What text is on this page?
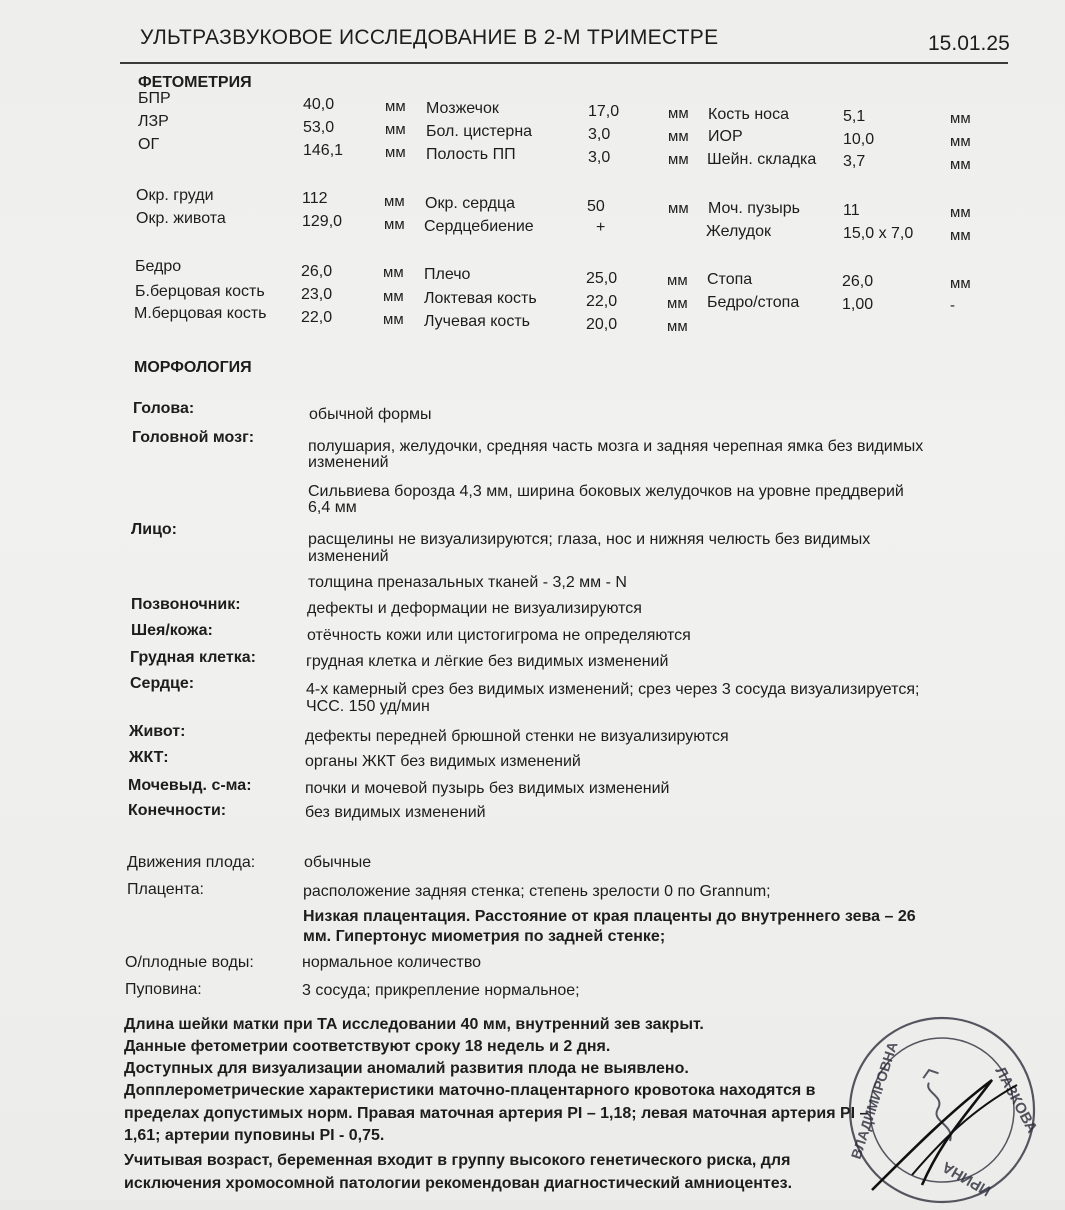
УЛЬТРАЗВУКОВОЕ ИССЛЕДОВАНИЕ В 2-М ТРИМЕСТРЕ	15.01.25
ФЕТОМЕТРИЯ
БПР	40,0	мм
ЛЗР	53,0	мм
ОГ	146,1	мм
Окр. груди	112	мм
Окр. живота	129,0	мм
Бедро	26,0	мм
Б.берцовая кость 23,0	мм
М.берцовая кость 22,0	мм
Мозжечок	17,0	мм
Бол. цистерна	3,0	мм
Полость ПП	3,0	мм
Окр. сердца	50	мм
Сердцебиение	+
Плечо	25,0	мм
Локтевая кость	22,0	мм
Лучевая кость	20,0	мм
Кость носа	5,1	мм
ИОР	10,0	мм
Шейн. складка 3,7	мм
Моч. пузырь	11	мм
Желудок	15,0 х 7,0 мм
Стопа	26,0	мм
Бедро/стопа	1,00	-
МОРФОЛОГИЯ
Голова:	обычной формы
Головной мозг:
полушария, желудочки, средняя часть мозга и задняя черепная ямка без видимых
изменений
Сильвиева борозда 4,3 мм, ширина боковых желудочков на уровне преддверий
6,4 мм
Лицо:
расщелины не визуализируются; глаза, нос и нижняя челюсть без видимых
изменений
толщина преназальных тканей - 3,2 мм - N
Позвоночник:	дефекты и деформации не визуализируются
Шея/кожа:	отёчность кожи или цистогигрома не определяются
Грудная клетка:	грудная клетка и лёгкие без видимых изменений
Сердце:	4-х камерный срез без видимых изменений; срез через 3 сосуда визуализируется;
ЧСС. 150 уд/мин
Живот:	дефекты передней брюшной стенки не визуализируются
ЖКТ:	органы ЖКТ без видимых изменений
Мочевыд. с-ма:	почки и мочевой пузырь без видимых изменений
Конечности:	без видимых изменений
Движения плода:	обычные
Плацента:	расположение задняя стенка; степень зрелости 0 по Grannum;
Низкая плацентация. Расстояние от края плаценты до внутреннего зева – 26
мм. Гипертонус миометрия по задней стенке;
О/плодные воды:	нормальное количество
Пуповина:	3 сосуда; прикрепление нормальное;
Длина шейки матки при ТА исследовании 40 мм, внутренний зев закрыт.
Данные фетометрии соответствуют сроку 18 недель и 2 дня.
Доступных для визуализации аномалий развития плода не выявлено.
Допплерометрические характеристики маточно-плацентарного кровотока находятся в
пределах допустимых норм. Правая маточная артерия PI – 1,18; левая маточная артерия PI –
1,61; артерии пуповины PI - 0,75.
Учитывая возраст, беременная входит в группу высокого генетического риска, для
исключения хромосомной патологии рекомендован диагностический амниоцентез.
ЛАЗКОВА
ИРИНА
ВЛАДИМИРОВНА
